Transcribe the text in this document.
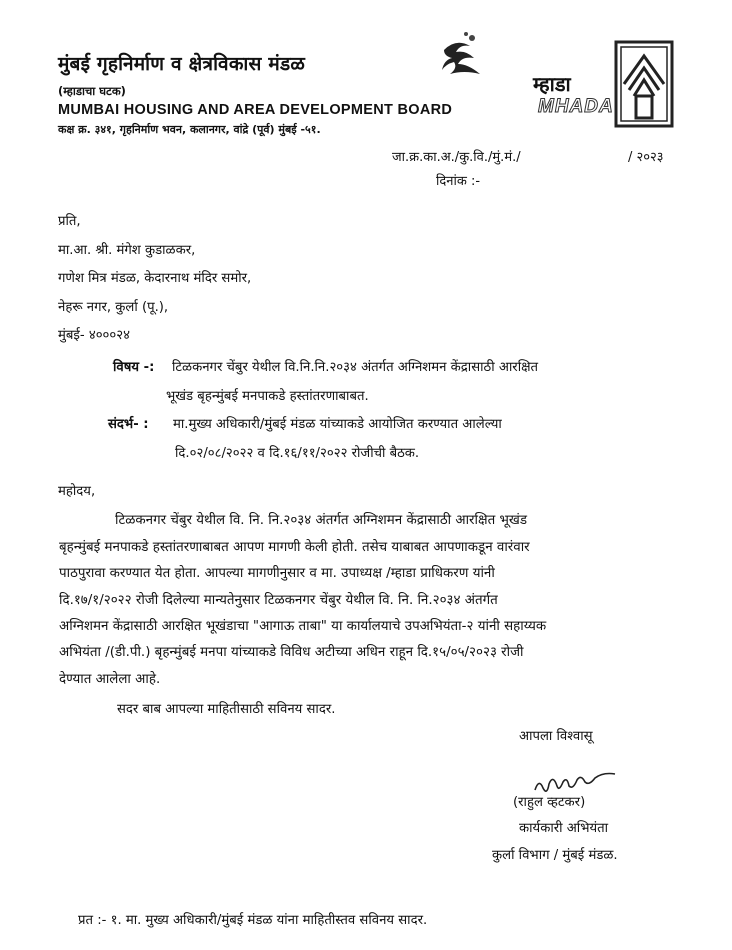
मुंबई गृहनिर्माण व क्षेत्रविकास मंडळ
(म्हाडाचा घटक)
MUMBAI HOUSING AND AREA DEVELOPMENT BOARD
कक्ष क्र. ३४१, गृहनिर्माण भवन, कलानगर, वांद्रे (पूर्व) मुंबई -५१.
म्हाडा
MHADA
जा.क्र.का.अ./कु.वि./मुं.मं./	/ २०२३
दिनांक :-
प्रति,
मा.आ. श्री. मंगेश कुडाळकर,
गणेश मित्र मंडळ, केदारनाथ मंदिर समोर,
नेहरू नगर, कुर्ला (पू.),
मुंबई- ४०००२४
विषय -: टिळकनगर चेंबुर येथील वि.नि.नि.२०३४ अंतर्गत अग्निशमन केंद्रासाठी आरक्षित
भूखंड बृहन्मुंबई मनपाकडे हस्तांतरणाबाबत.
संदर्भ- : मा.मुख्य अधिकारी/मुंबई मंडळ यांच्याकडे आयोजित करण्यात आलेल्या
दि.०२/०८/२०२२ व दि.१६/११/२०२२ रोजीची बैठक.
महोदय,
टिळकनगर चेंबुर येथील वि. नि. नि.२०३४ अंतर्गत अग्निशमन केंद्रासाठी आरक्षित भूखंड
बृहन्मुंबई मनपाकडे हस्तांतरणाबाबत आपण मागणी केली होती. तसेच याबाबत आपणाकडून वारंवार
पाठपुरावा करण्यात येत होता. आपल्या मागणीनुसार व मा. उपाध्यक्ष /म्हाडा प्राधिकरण यांनी
दि.१७/१/२०२२ रोजी दिलेल्या मान्यतेनुसार टिळकनगर चेंबुर येथील वि. नि. नि.२०३४ अंतर्गत
अग्निशमन केंद्रासाठी आरक्षित भूखंडाचा "आगाऊ ताबा" या कार्यालयाचे उपअभियंता-२ यांनी सहाय्यक
अभियंता /(डी.पी.) बृहन्मुंबई मनपा यांच्याकडे विविध अटीच्या अधिन राहून दि.१५/०५/२०२३ रोजी
देण्यात आलेला आहे.
सदर बाब आपल्या माहितीसाठी सविनय सादर.
आपला विश्वासू
(राहुल व्हटकर)
कार्यकारी अभियंता
कुर्ला विभाग / मुंबई मंडळ.
प्रत :- १. मा. मुख्य अधिकारी/मुंबई मंडळ यांना माहितीस्तव सविनय सादर.
